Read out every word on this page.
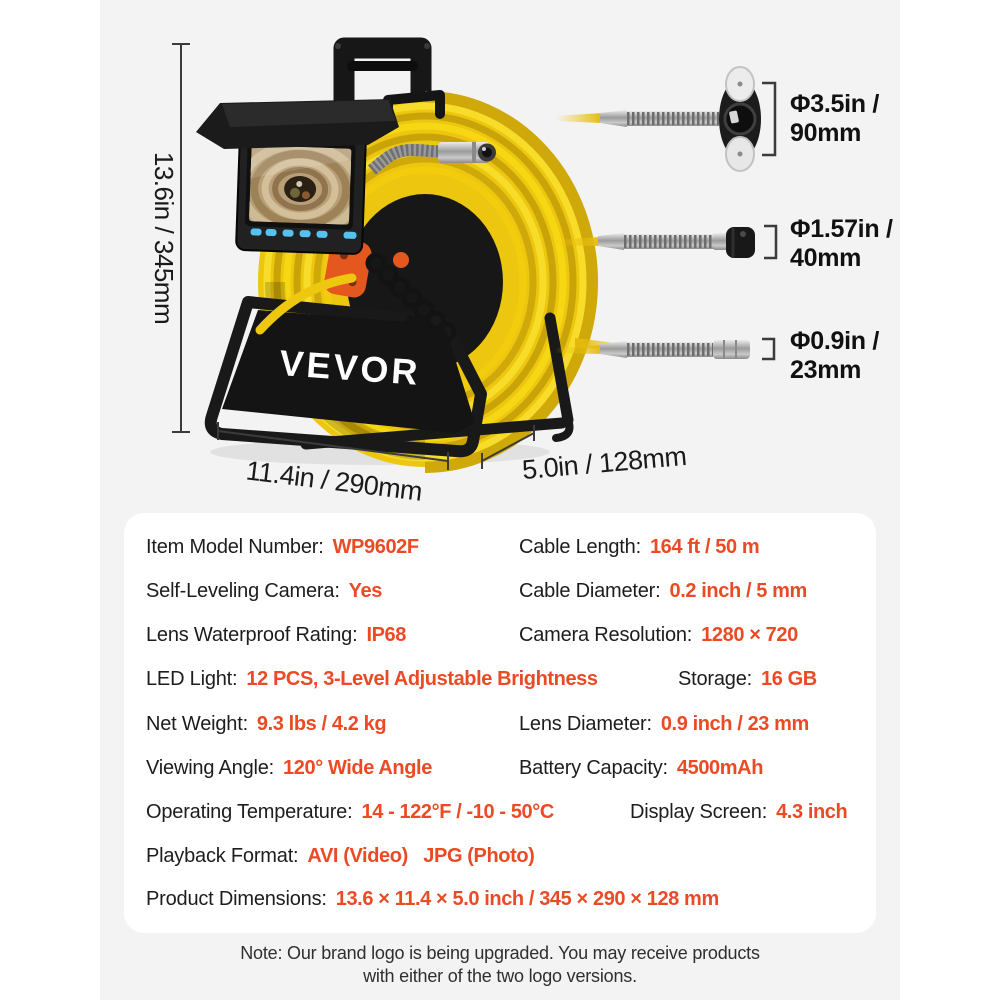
13.6in / 345mm
VEVOR
11.4in / 290mm	5.0in / 128mm
Φ3.5in /
90mm
Φ1.57in /
40mm
Φ0.9in /
23mm
Item Model Number: WP9602F	Cable Length: 164 ft / 50 m
Self-Leveling Camera: Yes	Cable Diameter: 0.2 inch / 5 mm
Lens Waterproof Rating: IP68	Camera Resolution: 1280 × 720
LED Light: 12 PCS, 3-Level Adjustable Brightness	Storage: 16 GB
Net Weight: 9.3 lbs / 4.2 kg	Lens Diameter: 0.9 inch / 23 mm
Viewing Angle: 120° Wide Angle	Battery Capacity: 4500mAh
Operating Temperature: 14 - 122°F / -10 - 50°C	Display Screen: 4.3 inch
Playback Format: AVI (Video)   JPG (Photo)
Product Dimensions: 13.6 × 11.4 × 5.0 inch / 345 × 290 × 128 mm
Note: Our brand logo is being upgraded. You may receive products
with either of the two logo versions.
